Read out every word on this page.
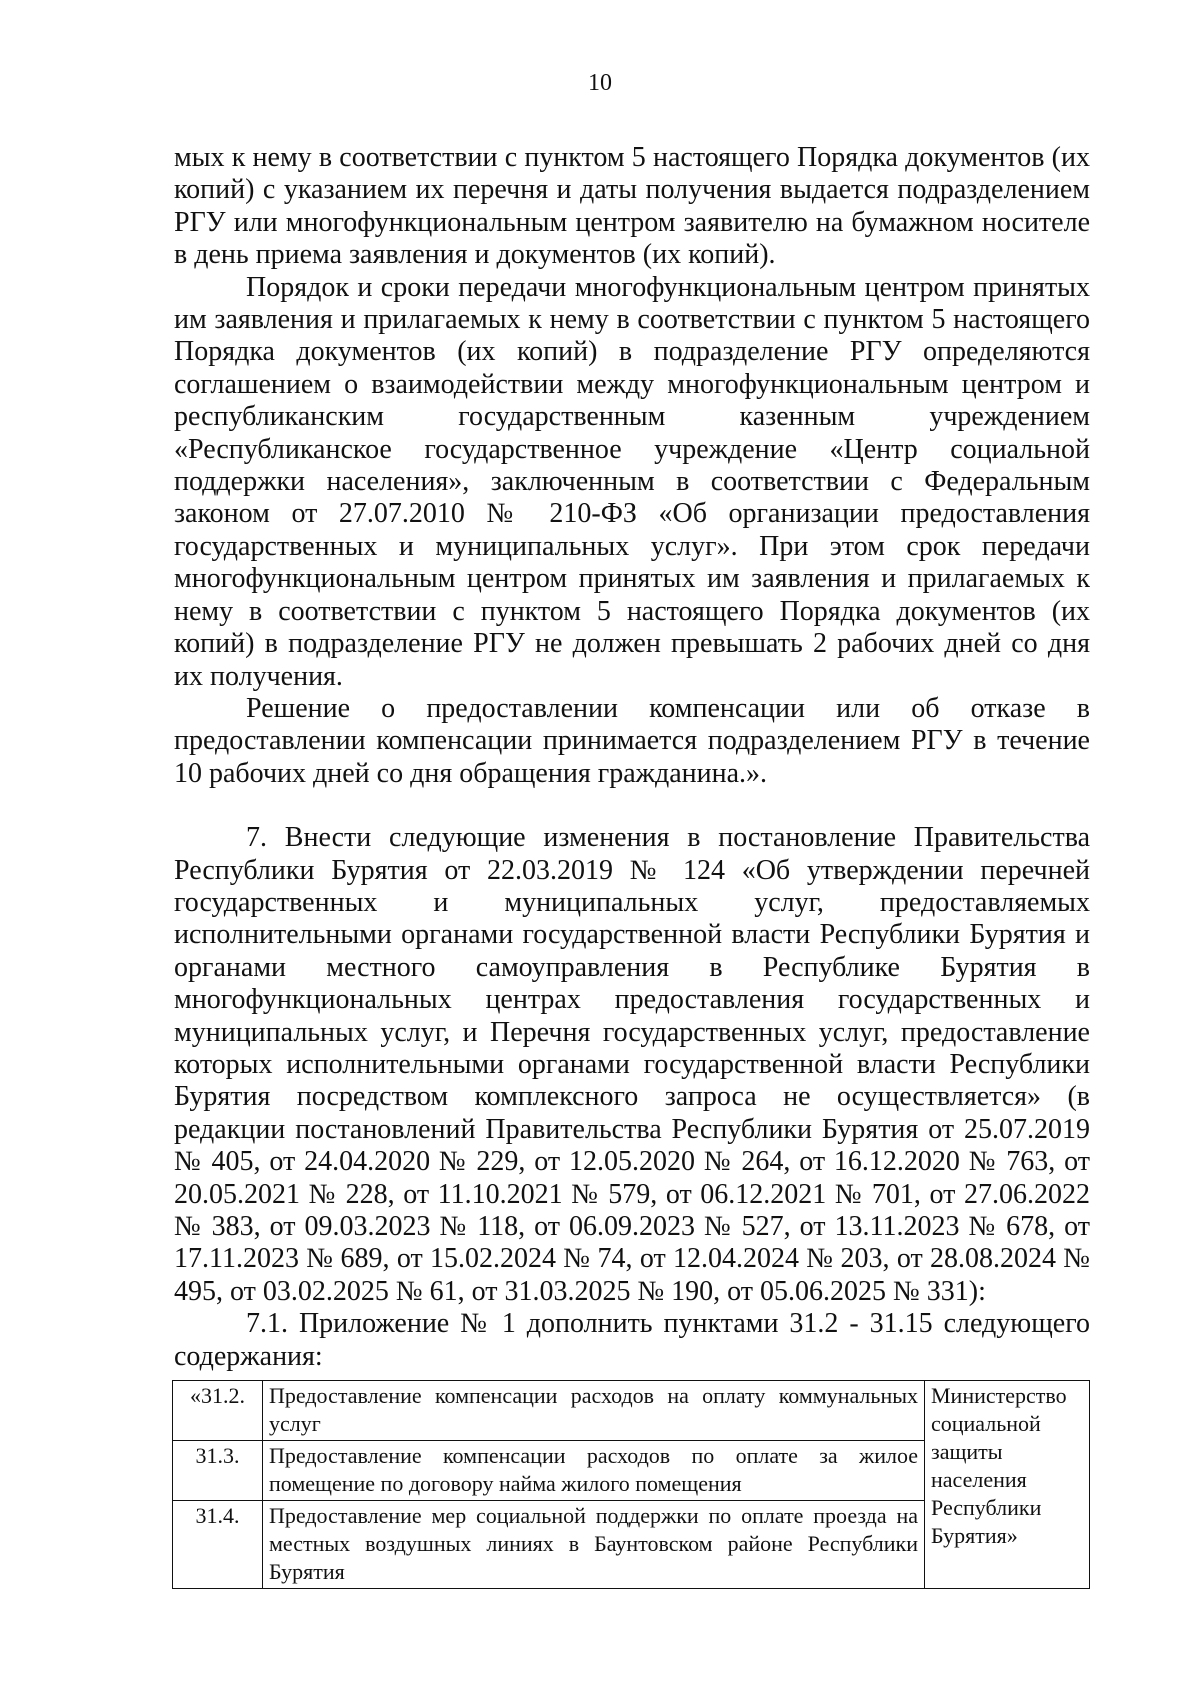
10

мых к нему в соответствии с пунктом 5 настоящего Порядка документов (их копий) с указанием их перечня и даты получения выдается подразделением РГУ или многофункциональным центром заявителю на бумажном носителе в день приема заявления и документов (их копий).

Порядок и сроки передачи многофункциональным центром принятых им заявления и прилагаемых к нему в соответствии с пунктом 5 настоящего Порядка документов (их копий) в подразделение РГУ определяются соглашением о взаимодействии между многофункциональным центром и республиканским государственным казенным учреждением «Республиканское государственное учреждение «Центр социальной поддержки населения», заключенным в соответствии с Федеральным законом от 27.07.2010 № 210-ФЗ «Об организации предоставления государственных и муниципальных услуг». При этом срок передачи многофункциональным центром принятых им заявления и прилагаемых к нему в соответствии с пунктом 5 настоящего Порядка документов (их копий) в подразделение РГУ не должен превышать 2 рабочих дней со дня их получения.

Решение о предоставлении компенсации или об отказе в предоставлении компенсации принимается подразделением РГУ в течение 10 рабочих дней со дня обращения гражданина.».

7. Внести следующие изменения в постановление Правительства Республики Бурятия от 22.03.2019 № 124 «Об утверждении перечней государственных и муниципальных услуг, предоставляемых исполнительными органами государственной власти Республики Бурятия и органами местного самоуправления в Республике Бурятия в многофункциональных центрах предоставления государственных и муниципальных услуг, и Перечня государственных услуг, предоставление которых исполнительными органами государственной власти Республики Бурятия посредством комплексного запроса не осуществляется» (в редакции постановлений Правительства Республики Бурятия от 25.07.2019 № 405, от 24.04.2020 № 229, от 12.05.2020 № 264, от 16.12.2020 № 763, от 20.05.2021 № 228, от 11.10.2021 № 579, от 06.12.2021 № 701, от 27.06.2022 № 383, от 09.03.2023 № 118, от 06.09.2023 № 527, от 13.11.2023 № 678, от 17.11.2023 № 689, от 15.02.2024 № 74, от 12.04.2024 № 203, от 28.08.2024 № 495, от 03.02.2025 № 61, от 31.03.2025 № 190, от 05.06.2025 № 331):

7.1. Приложение № 1 дополнить пунктами 31.2 - 31.15 следующего содержания:

«31.2.	Предоставление компенсации расходов на оплату коммунальных услуг	Министерство социальной защиты населения Республики Бурятия»
31.3.	Предоставление компенсации расходов по оплате за жилое помещение по договору найма жилого помещения	
31.4.	Предоставление мер социальной поддержки по оплате проезда на местных воздушных линиях в Баунтовском районе Республики Бурятия	
